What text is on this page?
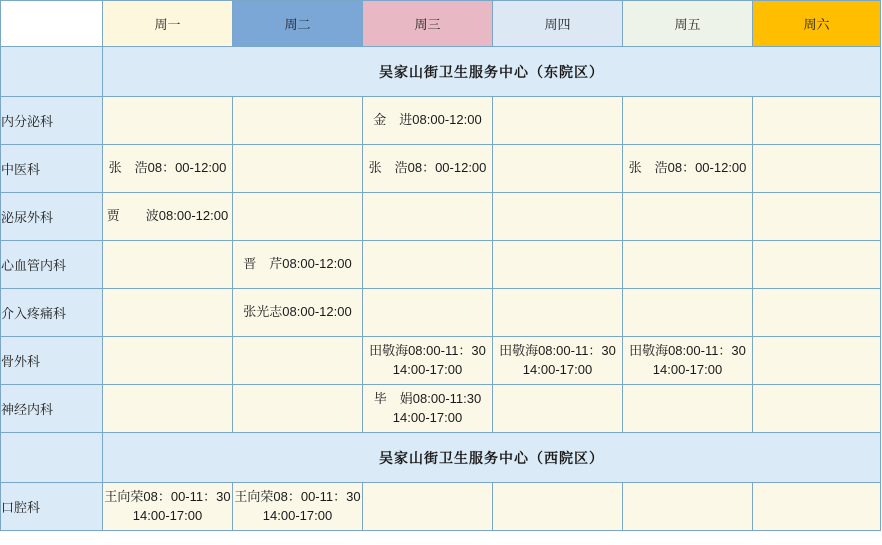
	周一	周二	周三	周四	周五	周六
	吴家山街卫生服务中心（东院区）					
内分泌科			金　进08:00-12:00			

中医科	张　浩08：00-12:00		张　浩08：00-12:00		张　浩08：00-12:00	

泌尿外科	贾　　波08:00-12:00					

心血管内科		晋　芹08:00-12:00				

介入疼痛科		张光志08:00-12:00				

骨外科			田敬海08:00-11：30
14:00-17:00	田敬海08:00-11：30
14:00-17:00	田敬海08:00-11：30
14:00-17:00	

神经内科			毕　娟08:00-11:30
14:00-17:00			

	吴家山街卫生服务中心（西院区）					
口腔科	王向荣08：00-11：30
14:00-17:00	王向荣08：00-11：30
14:00-17:00				
